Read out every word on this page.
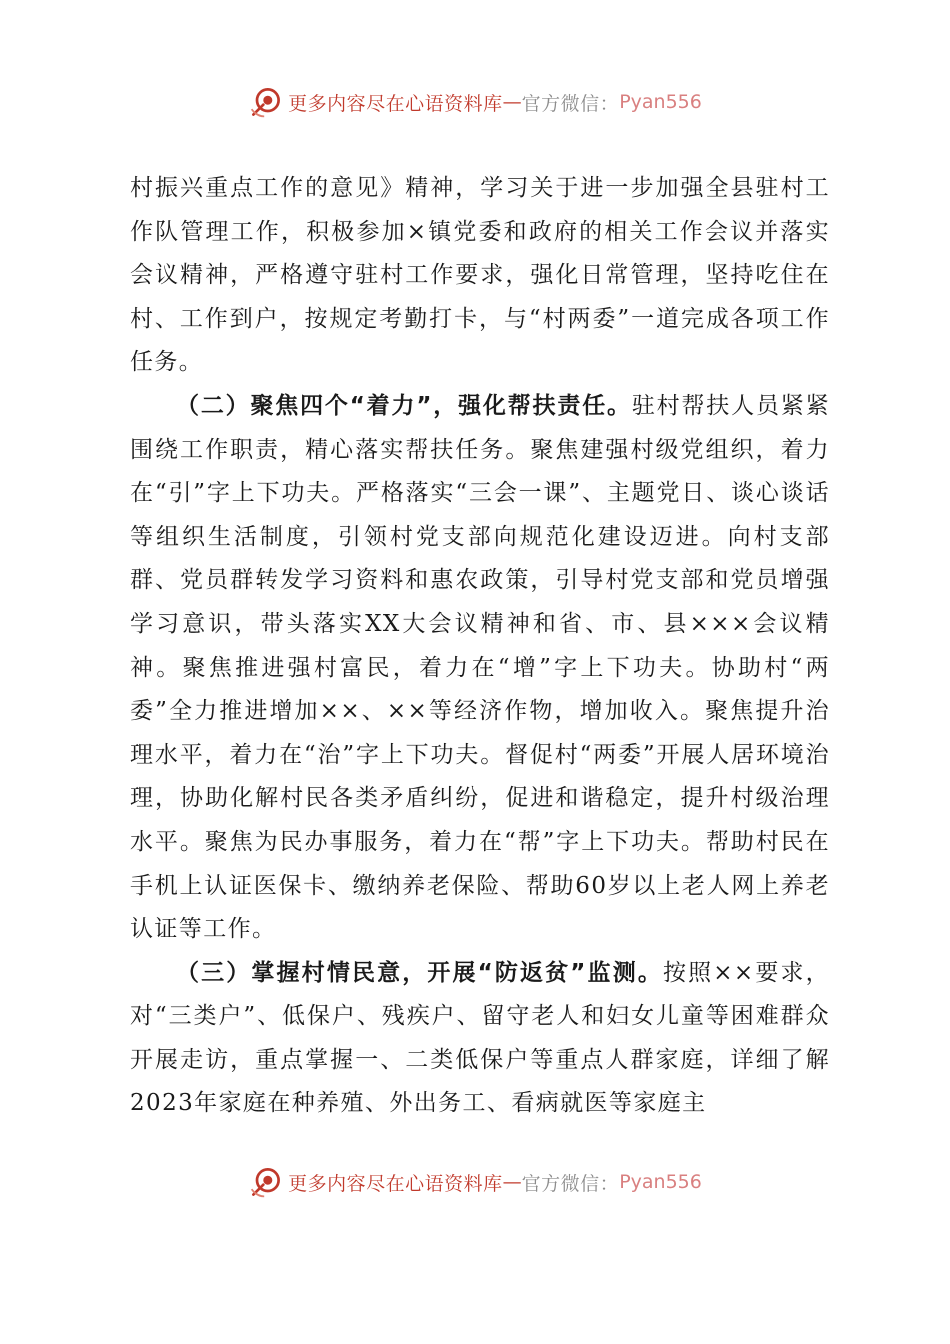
更多内容尽在心语资料库 — 官方微信： Pyan556

村振兴重点工作的意见》精神，学习关于进一步加强全县驻村工作队管理工作，积极参加×镇党委和政府的相关工作会议并落实会议精神，严格遵守驻村工作要求，强化日常管理，坚持吃住在村、工作到户，按规定考勤打卡，与“村两委”一道完成各项工作任务。

（二）聚焦四个“着力”，强化帮扶责任。驻村帮扶人员紧紧围绕工作职责，精心落实帮扶任务。聚焦建强村级党组织，着力在“引”字上下功夫。严格落实“三会一课”、主题党日、谈心谈话等组织生活制度，引领村党支部向规范化建设迈进。向村支部群、党员群转发学习资料和惠农政策，引导村党支部和党员增强学习意识，带头落实XX大会议精神和省、市、县×××会议精神。聚焦推进强村富民，着力在“增”字上下功夫。协助村“两委”全力推进增加××、××等经济作物，增加收入。聚焦提升治理水平，着力在“治”字上下功夫。督促村“两委”开展人居环境治理，协助化解村民各类矛盾纠纷，促进和谐稳定，提升村级治理水平。聚焦为民办事服务，着力在“帮”字上下功夫。帮助村民在手机上认证医保卡、缴纳养老保险、帮助60岁以上老人网上养老认证等工作。

（三）掌握村情民意，开展“防返贫”监测。按照××要求，对“三类户”、低保户、残疾户、留守老人和妇女儿童等困难群众开展走访，重点掌握一、二类低保户等重点人群家庭，详细了解2023年家庭在种养殖、外出务工、看病就医等家庭主

更多内容尽在心语资料库 — 官方微信： Pyan556
